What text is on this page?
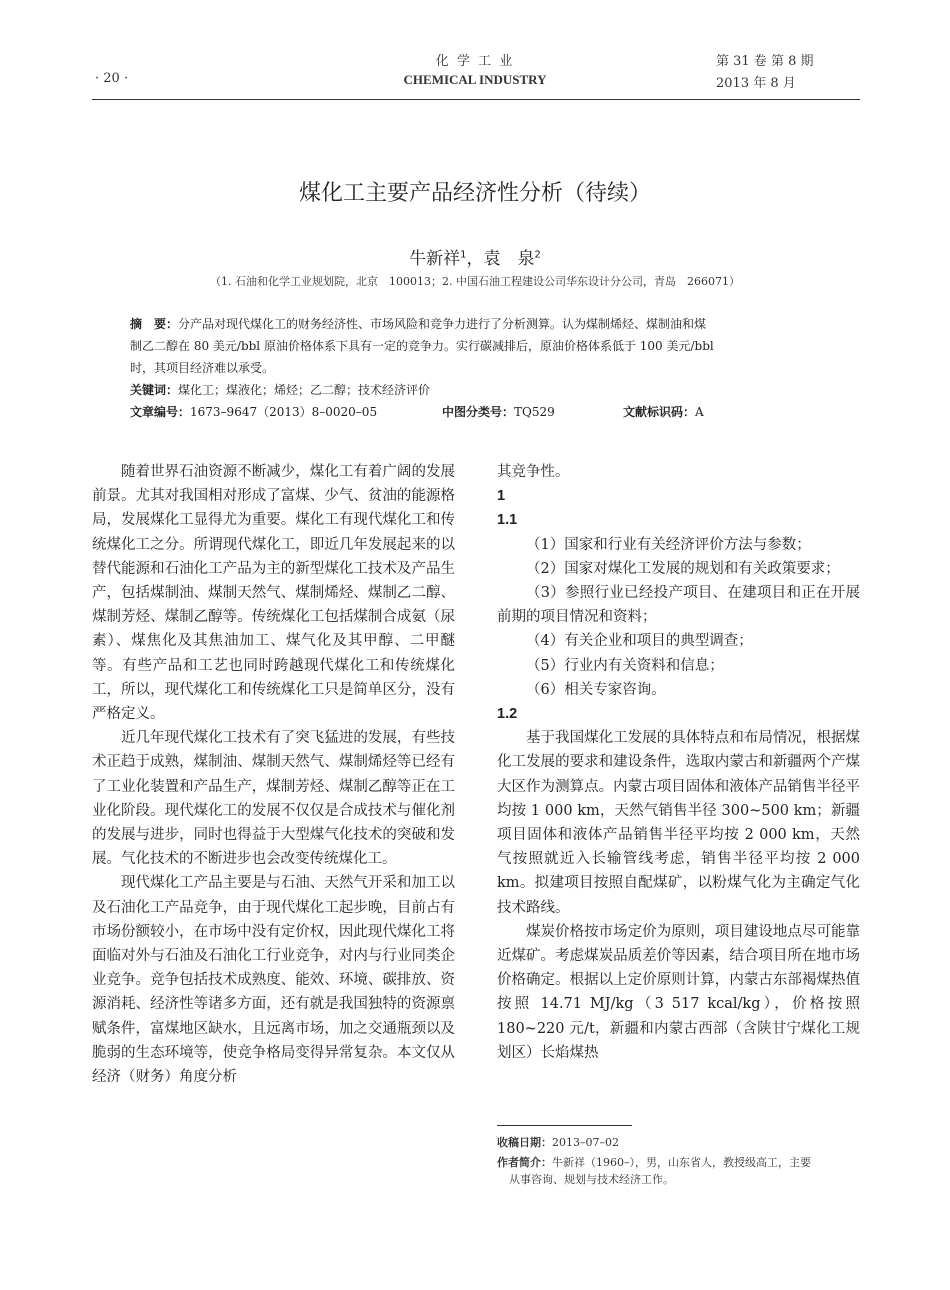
· 20 ·
化 学 工 业
CHEMICAL INDUSTRY
第 31 卷 第 8 期
2013 年 8 月
煤化工主要产品经济性分析（待续）
牛新祥$^1$，袁　泉$^2$
（1. 石油和化学工业规划院，北京　100013；2. 中国石油工程建设公司华东设计分公司，青岛　266071）
摘　要：分产品对现代煤化工的财务经济性、市场风险和竞争力进行了分析测算。认为煤制烯烃、煤制油和煤
制乙二醇在 80 美元/bbl 原油价格体系下具有一定的竞争力。实行碳减排后，原油价格体系低于 100 美元/bbl
时，其项目经济难以承受。
关键词：煤化工；煤液化；烯烃；乙二醇；技术经济评价
文章编号：1673–9647（2013）8–0020–05	中图分类号：TQ529	文献标识码：A

随着世界石油资源不断减少，煤化工有着广阔的发展前景。尤其对我国相对形成了富煤、少气、贫油的能源格局，发展煤化工显得尤为重要。煤化工有现代煤化工和传统煤化工之分。所谓现代煤化工，即近几年发展起来的以替代能源和石油化工产品为主的新型煤化工技术及产品生产，包括煤制油、煤制天然气、煤制烯烃、煤制乙二醇、煤制芳烃、煤制乙醇等。传统煤化工包括煤制合成氨（尿素）、煤焦化及其焦油加工、煤气化及其甲醇、二甲醚等。有些产品和工艺也同时跨越现代煤化工和传统煤化工，所以，现代煤化工和传统煤化工只是简单区分，没有严格定义。

近几年现代煤化工技术有了突飞猛进的发展，有些技术正趋于成熟，煤制油、煤制天然气、煤制烯烃等已经有了工业化装置和产品生产，煤制芳烃、煤制乙醇等正在工业化阶段。现代煤化工的发展不仅仅是合成技术与催化剂的发展与进步，同时也得益于大型煤气化技术的突破和发展。气化技术的不断进步也会改变传统煤化工。

现代煤化工产品主要是与石油、天然气开采和加工以及石油化工产品竞争，由于现代煤化工起步晚，目前占有市场份额较小，在市场中没有定价权，因此现代煤化工将面临对外与石油及石油化工行业竞争，对内与行业同类企业竞争。竞争包括技术成熟度、能效、环境、碳排放、资源消耗、经济性等诸多方面，还有就是我国独特的资源禀赋条件，富煤地区缺水，且远离市场，加之交通瓶颈以及脆弱的生态环境等，使竞争格局变得异常复杂。本文仅从经济（财务）角度分析

其竞争性。

1
1.1

（1）国家和行业有关经济评价方法与参数；

（2）国家对煤化工发展的规划和有关政策要求；

（3）参照行业已经投产项目、在建项目和正在开展前期的项目情况和资料；

（4）有关企业和项目的典型调查；

（5）行业内有关资料和信息；

（6）相关专家咨询。

1.2

基于我国煤化工发展的具体特点和布局情况，根据煤化工发展的要求和建设条件，选取内蒙古和新疆两个产煤大区作为测算点。内蒙古项目固体和液体产品销售半径平均按 1 000 km，天然气销售半径 300~500 km；新疆项目固体和液体产品销售半径平均按 2 000 km，天然气按照就近入长输管线考虑，销售半径平均按 2 000 km。拟建项目按照自配煤矿，以粉煤气化为主确定气化技术路线。

煤炭价格按市场定价为原则，项目建设地点尽可能靠近煤矿。考虑煤炭品质差价等因素，结合项目所在地市场价格确定。根据以上定价原则计算，内蒙古东部褐煤热值按照 14.71 MJ/kg（3 517 kcal/kg），价格按照 180~220 元/t，新疆和内蒙古西部（含陕甘宁煤化工规划区）长焰煤热

收稿日期：2013–07–02
作者简介：牛新祥（1960–），男，山东省人，教授级高工，主要
从事咨询、规划与技术经济工作。
